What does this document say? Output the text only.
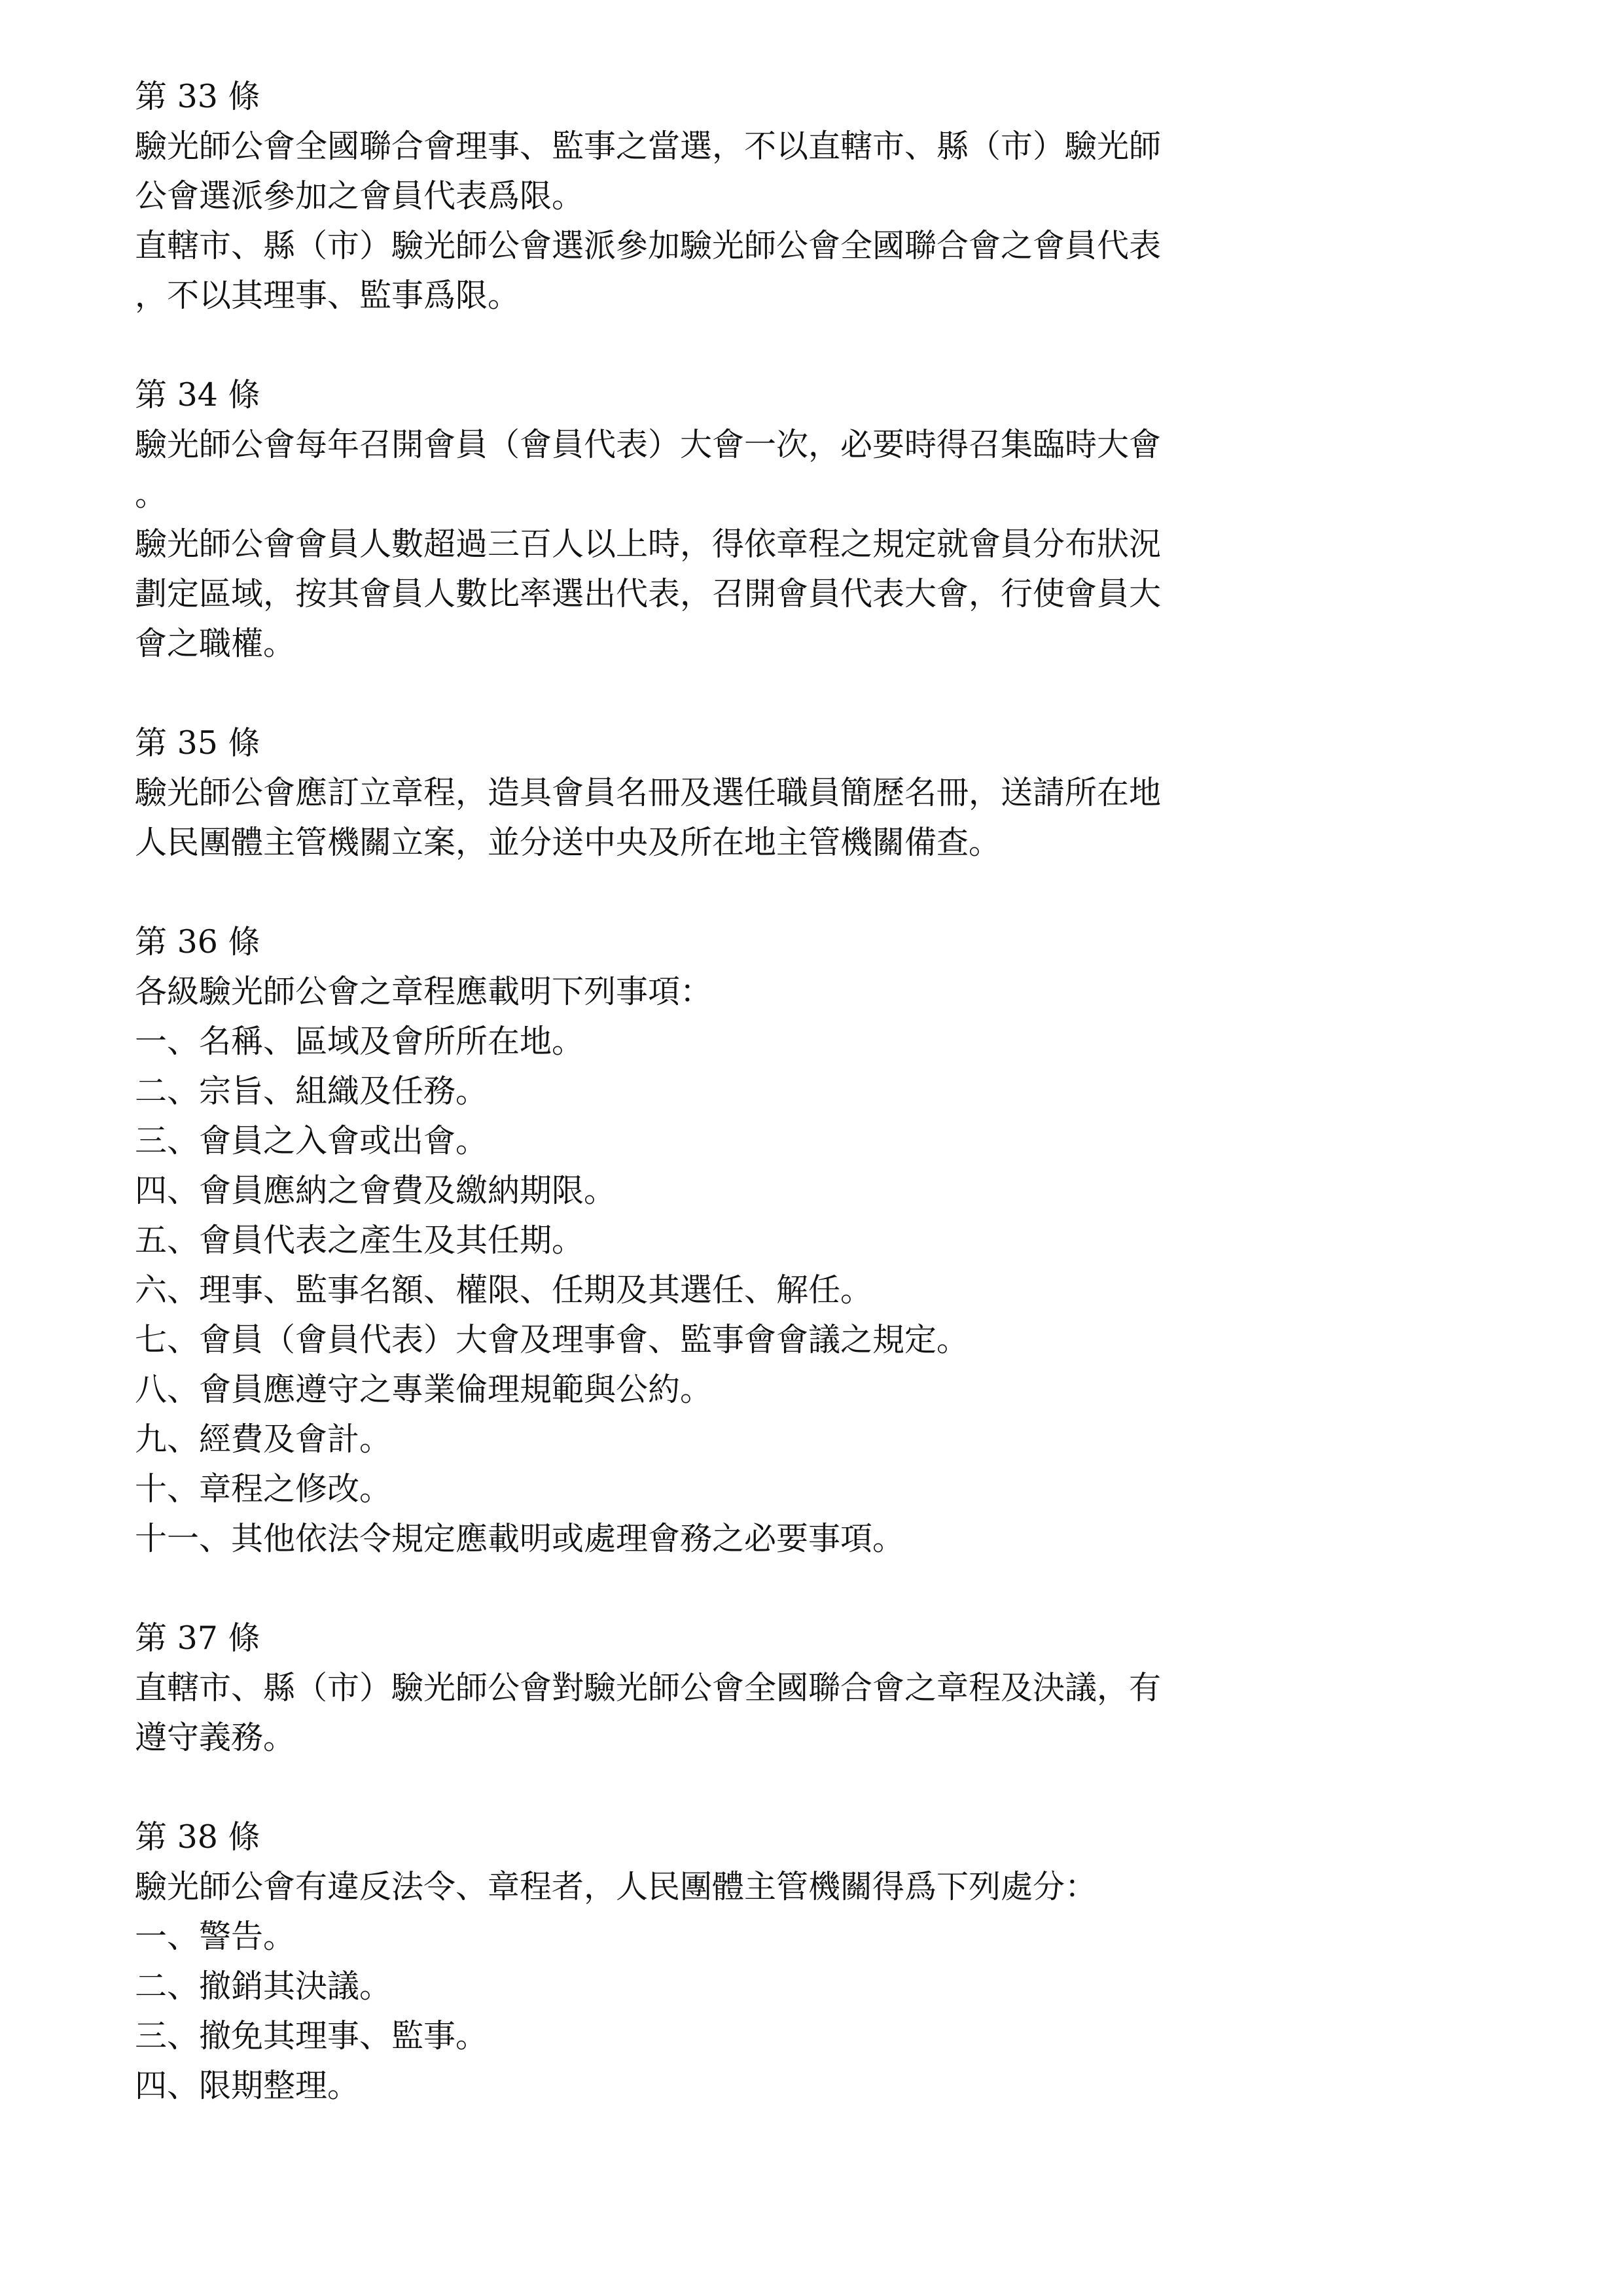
第 33 條
驗光師公會全國聯合會理事、監事之當選，不以直轄市、縣（市）驗光師
公會選派參加之會員代表爲限。
直轄市、縣（市）驗光師公會選派參加驗光師公會全國聯合會之會員代表
，不以其理事、監事爲限。
第 34 條
驗光師公會每年召開會員（會員代表）大會一次，必要時得召集臨時大會
。
驗光師公會會員人數超過三百人以上時，得依章程之規定就會員分布狀況
劃定區域，按其會員人數比率選出代表，召開會員代表大會，行使會員大
會之職權。
第 35 條
驗光師公會應訂立章程，造具會員名冊及選任職員簡歷名冊，送請所在地
人民團體主管機關立案，並分送中央及所在地主管機關備查。
第 36 條
各級驗光師公會之章程應載明下列事項：
一、名稱、區域及會所所在地。
二、宗旨、組織及任務。
三、會員之入會或出會。
四、會員應納之會費及繳納期限。
五、會員代表之產生及其任期。
六、理事、監事名額、權限、任期及其選任、解任。
七、會員（會員代表）大會及理事會、監事會會議之規定。
八、會員應遵守之專業倫理規範與公約。
九、經費及會計。
十、章程之修改。
十一、其他依法令規定應載明或處理會務之必要事項。
第 37 條
直轄市、縣（市）驗光師公會對驗光師公會全國聯合會之章程及決議，有
遵守義務。
第 38 條
驗光師公會有違反法令、章程者，人民團體主管機關得爲下列處分：
一、警告。
二、撤銷其決議。
三、撤免其理事、監事。
四、限期整理。
